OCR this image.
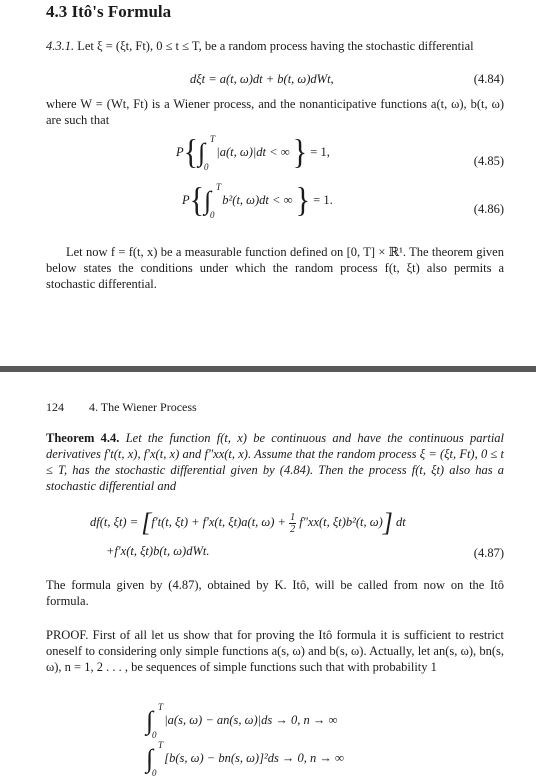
4.3 Itô's Formula
4.3.1. Let ξ = (ξt, Ft), 0 ≤ t ≤ T, be a random process having the stochastic differential
dξt = a(t, ω)dt + b(t, ω)dWt,	(4.84)
where W = (Wt, Ft) is a Wiener process, and the nonanticipative functions a(t, ω), b(t, ω) are such that
P{∫ T
0
|a(t, ω)|dt < ∞ } = 1,
(4.85)
P{∫ T
0
b²(t, ω)dt < ∞ } = 1.
(4.86)
Let now f = f(t, x) be a measurable function defined on [0, T] × ℝ¹. The theorem given below states the conditions under which the random process f(t, ξt) also permits a stochastic differential.
124 4. The Wiener Process
Theorem 4.4. Let the function f(t, x) be continuous and have the continuous partial derivatives f′t(t, x), f′x(t, x) and f″xx(t, x). Assume that the random process ξ = (ξt, Ft), 0 ≤ t ≤ T, has the stochastic differential given by (4.84). Then the process f(t, ξt) also has a stochastic differential and
df(t, ξt) = [f′t(t, ξt) + f′x(t, ξt)a(t, $\omega) + \frac{1}{2} f''xx(t$, ξt)b²(t, ω)] dt
+f′x(t, ξt)b(t, ω)dWt.	(4.87)
The formula given by (4.87), obtained by K. Itô, will be called from now on the Itô formula.
PROOF. First of all let us show that for proving the Itô formula it is sufficient to restrict oneself to considering only simple functions a(s, ω) and b(s, ω). Actually, let an(s, ω), bn(s, ω), n = 1, 2 . . . , be sequences of simple functions such that with probability 1
∫ T
0
|a(s, ω) − an(s, ω)|ds → 0, n → ∞
∫ T
0
[b(s, ω) − bn(s, ω)]²ds → 0, n → ∞
